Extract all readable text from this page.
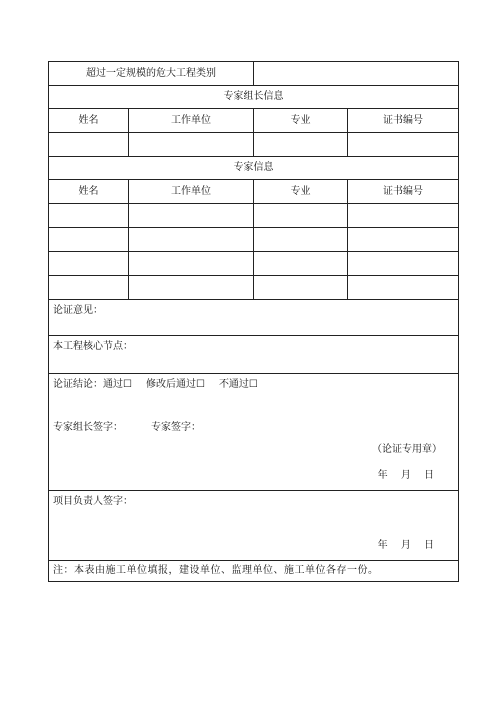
超过一定规模的危大工程类别			
专家组长信息			
姓名	工作单位	专业	证书编号

专家信息			
姓名	工作单位	专业	证书编号

论证意见：			
本工程核心节点：			

论证结论：通过☐ 修改后通过☐ 不通过☐
专家组长签字： 专家签字：
（论证专用章）
年 月 日			

项目负责人签字：
年 月 日			

注：本表由施工单位填报，建设单位、监理单位、施工单位各存一份。			
